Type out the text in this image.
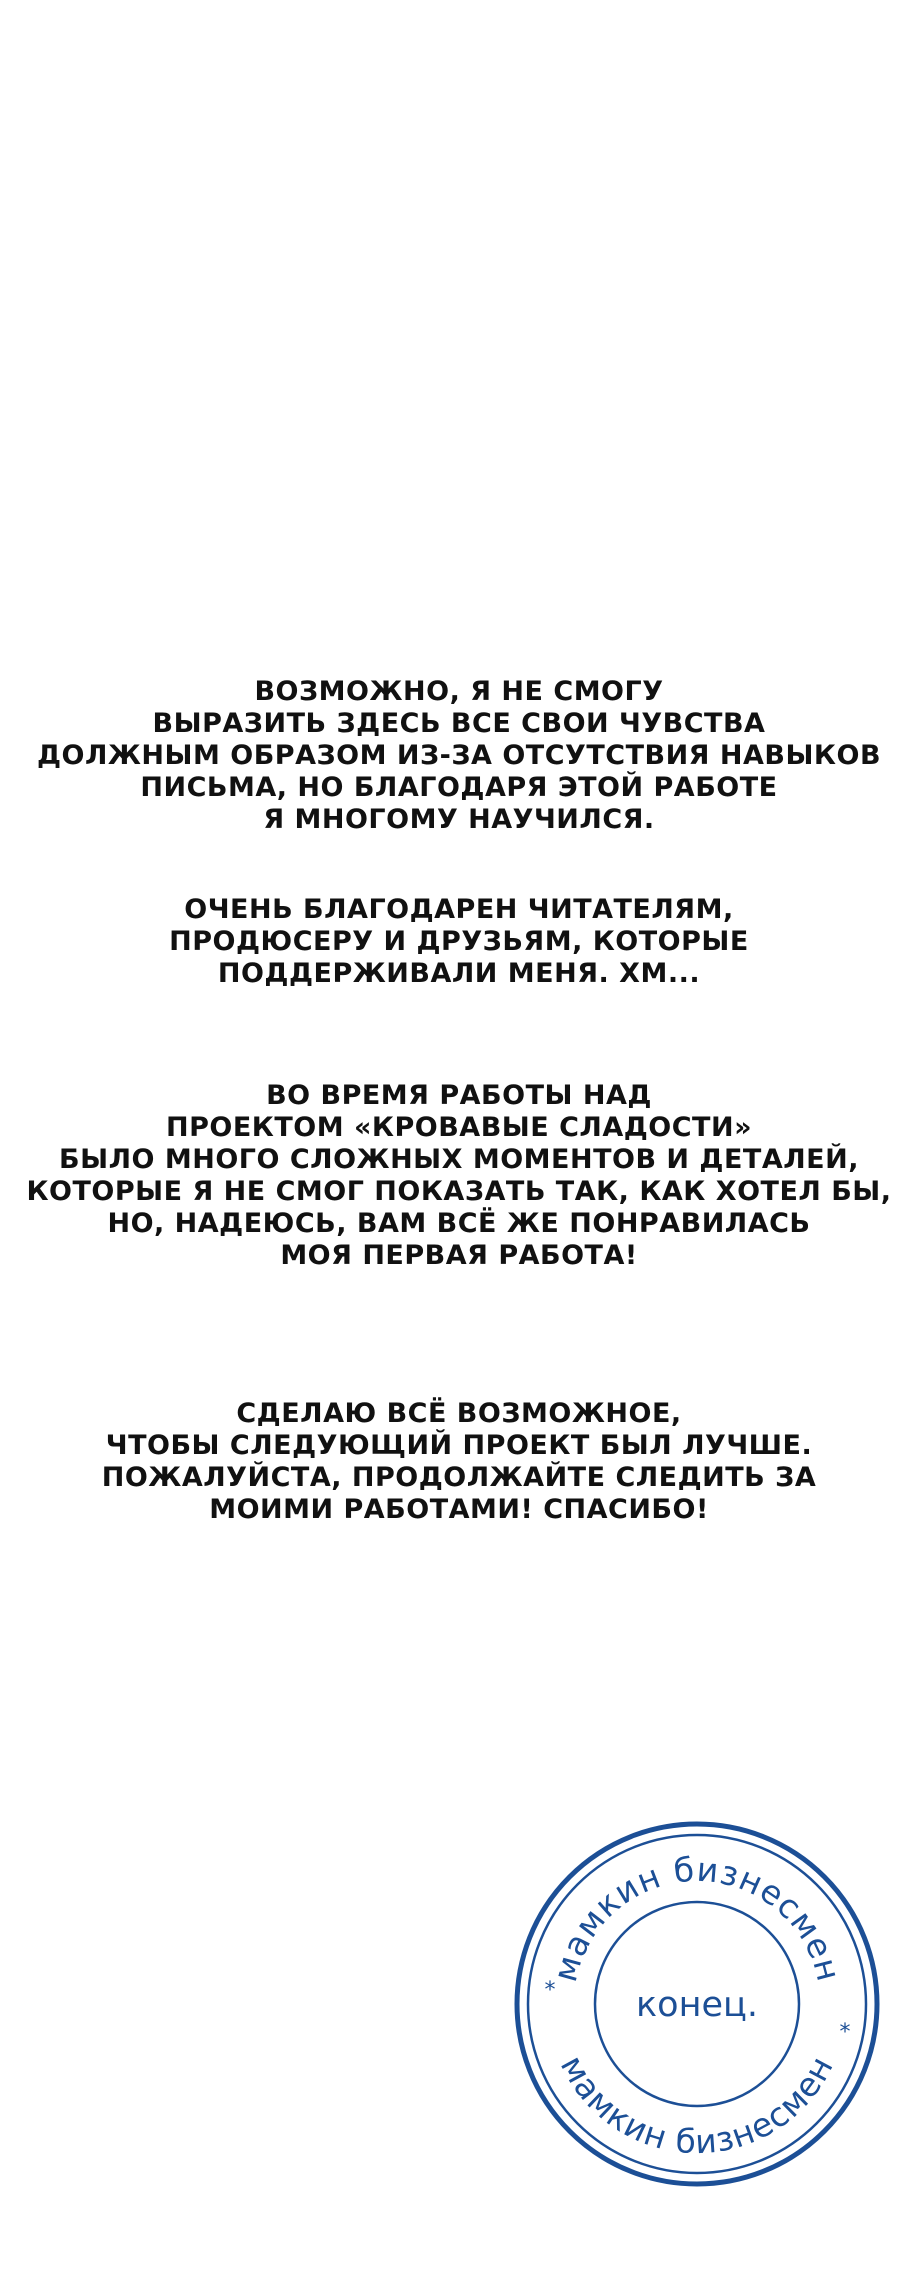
ВОЗМОЖНО, Я НЕ СМОГУ
ВЫРАЗИТЬ ЗДЕСЬ ВСЕ СВОИ ЧУВСТВА
ДОЛЖНЫМ ОБРАЗОМ ИЗ-ЗА ОТСУТСТВИЯ НАВЫКОВ
ПИСЬМА, НО БЛАГОДАРЯ ЭТОЙ РАБОТЕ
Я МНОГОМУ НАУЧИЛСЯ.
ОЧЕНЬ БЛАГОДАРЕН ЧИТАТЕЛЯМ,
ПРОДЮСЕРУ И ДРУЗЬЯМ, КОТОРЫЕ
ПОДДЕРЖИВАЛИ МЕНЯ. ХМ...
ВО ВРЕМЯ РАБОТЫ НАД
ПРОЕКТОМ «КРОВАВЫЕ СЛАДОСТИ»
БЫЛО МНОГО СЛОЖНЫХ МОМЕНТОВ И ДЕТАЛЕЙ,
КОТОРЫЕ Я НЕ СМОГ ПОКАЗАТЬ ТАК, КАК ХОТЕЛ БЫ,
НО, НАДЕЮСЬ, ВАМ ВСЁ ЖЕ ПОНРАВИЛАСЬ
МОЯ ПЕРВАЯ РАБОТА!
СДЕЛАЮ ВСЁ ВОЗМОЖНОЕ,
ЧТОБЫ СЛЕДУЮЩИЙ ПРОЕКТ БЫЛ ЛУЧШЕ.
ПОЖАЛУЙСТА, ПРОДОЛЖАЙТЕ СЛЕДИТЬ ЗА
МОИМИ РАБОТАМИ! СПАСИБО!
мамкин бизнесмен
мамкин бизнесмен
*
*
конец.
